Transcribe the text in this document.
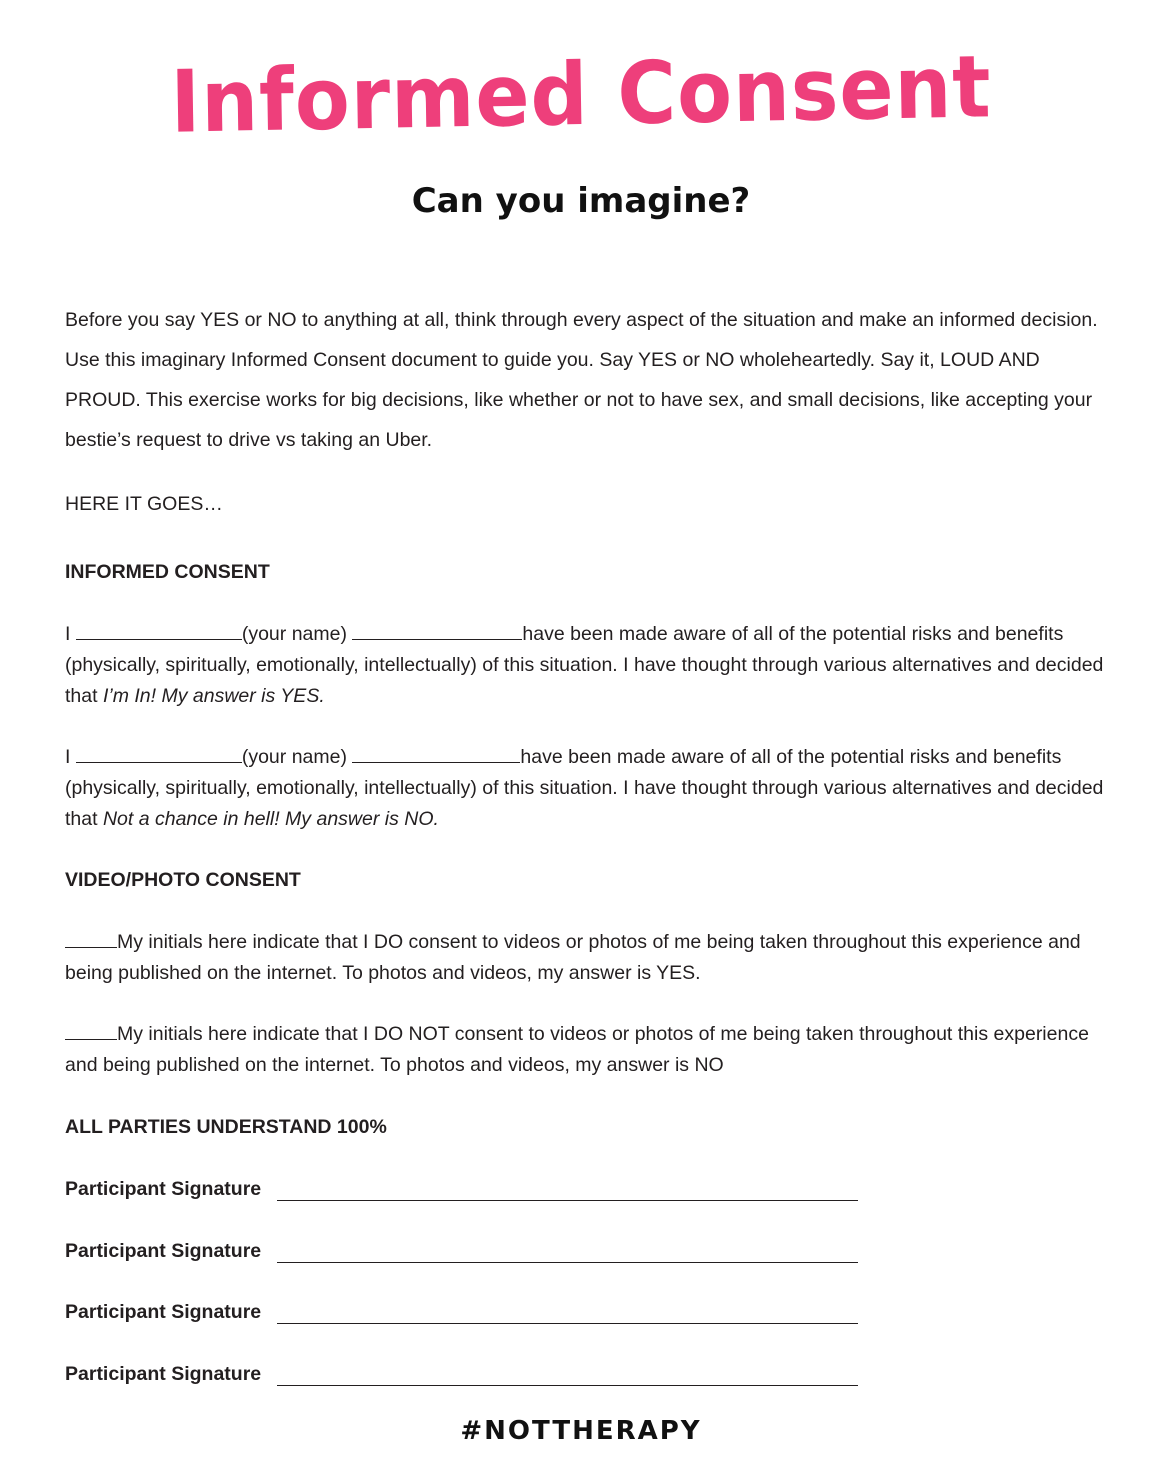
Informed Consent
Can you imagine?
Before you say YES or NO to anything at all, think through every aspect of the situation and make an informed decision. Use this imaginary Informed Consent document to guide you. Say YES or NO wholeheartedly. Say it, LOUD AND PROUD. This exercise works for big decisions, like whether or not to have sex, and small decisions, like accepting your bestie’s request to drive vs taking an Uber.
HERE IT GOES…
INFORMED CONSENT
I	(your name)	have been made aware of all of the potential risks and benefits (physically, spiritually, emotionally, intellectually) of this situation. I have thought through various alternatives and decided that I’m In! My answer is YES.
I	(your name)	have been made aware of all of the potential risks and benefits (physically, spiritually, emotionally, intellectually) of this situation. I have thought through various alternatives and decided that Not a chance in hell! My answer is NO.
VIDEO/PHOTO CONSENT
My initials here indicate that I DO consent to videos or photos of me being taken throughout this experience and being published on the internet. To photos and videos, my answer is YES.
My initials here indicate that I DO NOT consent to videos or photos of me being taken throughout this experience and being published on the internet. To photos and videos, my answer is NO
ALL PARTIES UNDERSTAND 100%
Participant Signature
Participant Signature
Participant Signature
Participant Signature
#NOTTHERAPY
